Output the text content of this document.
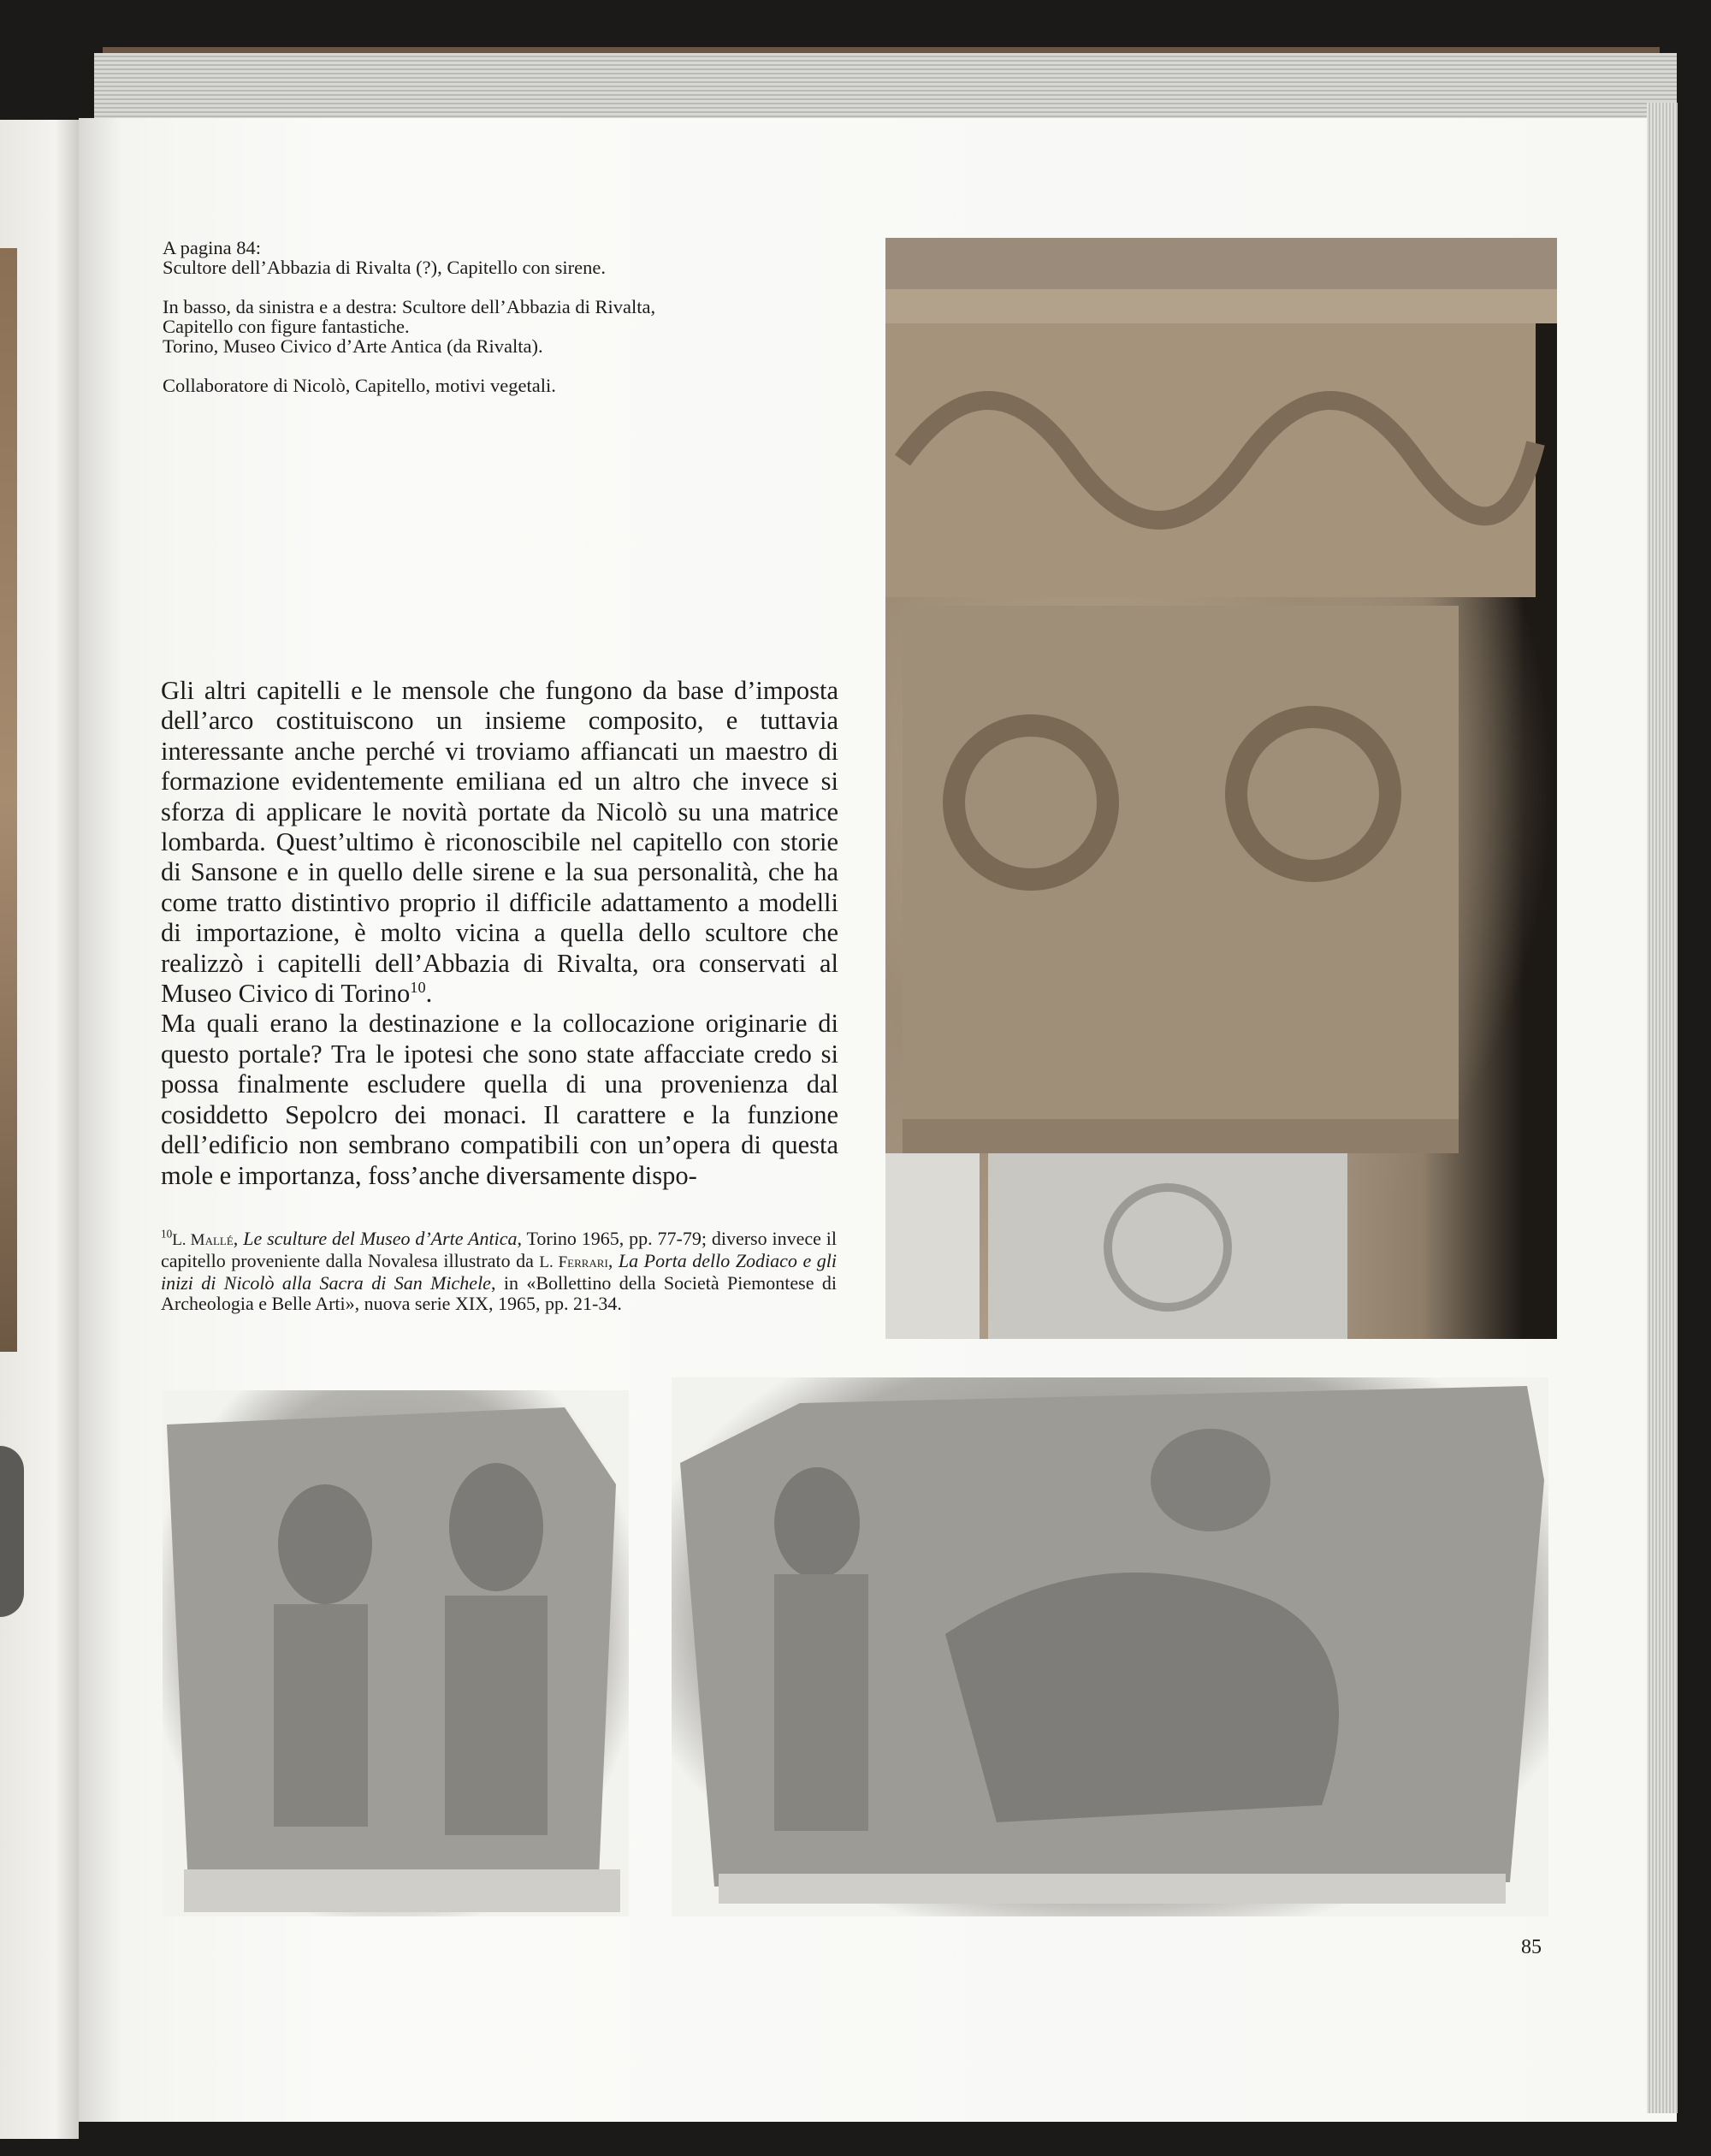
A pagina 84:
Scultore dell’Abbazia di Rivalta (?), Capitello con sirene.

In basso, da sinistra e a destra: Scultore dell’Abbazia di Rivalta,
Capitello con figure fantastiche.
Torino, Museo Civico d’Arte Antica (da Rivalta).

Collaboratore di Nicolò, Capitello, motivi vegetali.

Gli altri capitelli e le mensole che fungono da base d’imposta dell’arco costituiscono un insieme composito, e tuttavia interessante anche perché vi troviamo affiancati un maestro di formazione evidentemente emiliana ed un altro che invece si sforza di applicare le novità portate da Nicolò su una matrice lombarda. Quest’ultimo è riconoscibile nel capitello con storie di Sansone e in quello delle sirene e la sua personalità, che ha come tratto distintivo proprio il difficile adattamento a modelli di importazione, è molto vicina a quella dello scultore che realizzò i capitelli dell’Abbazia di Rivalta, ora conservati al Museo Civico di Torino$^{10}$.

Ma quali erano la destinazione e la collocazione originarie di questo portale? Tra le ipotesi che sono state affacciate credo si possa finalmente escludere quella di una provenienza dal cosiddetto Sepolcro dei monaci. Il carattere e la funzione dell’edificio non sembrano compatibili con un’opera di questa mole e importanza, foss’anche diversamente dispo-

$^{10}$L. Mallé, Le sculture del Museo d’Arte Antica, Torino 1965, pp. 77-79; diverso invece il capitello proveniente dalla Novalesa illustrato da L. Ferrari, La Porta dello Zodiaco e gli inizi di Nicolò alla Sacra di San Michele, in «Bollettino della Società Piemontese di Archeologia e Belle Arti», nuova serie XIX, 1965, pp. 21-34.
85
